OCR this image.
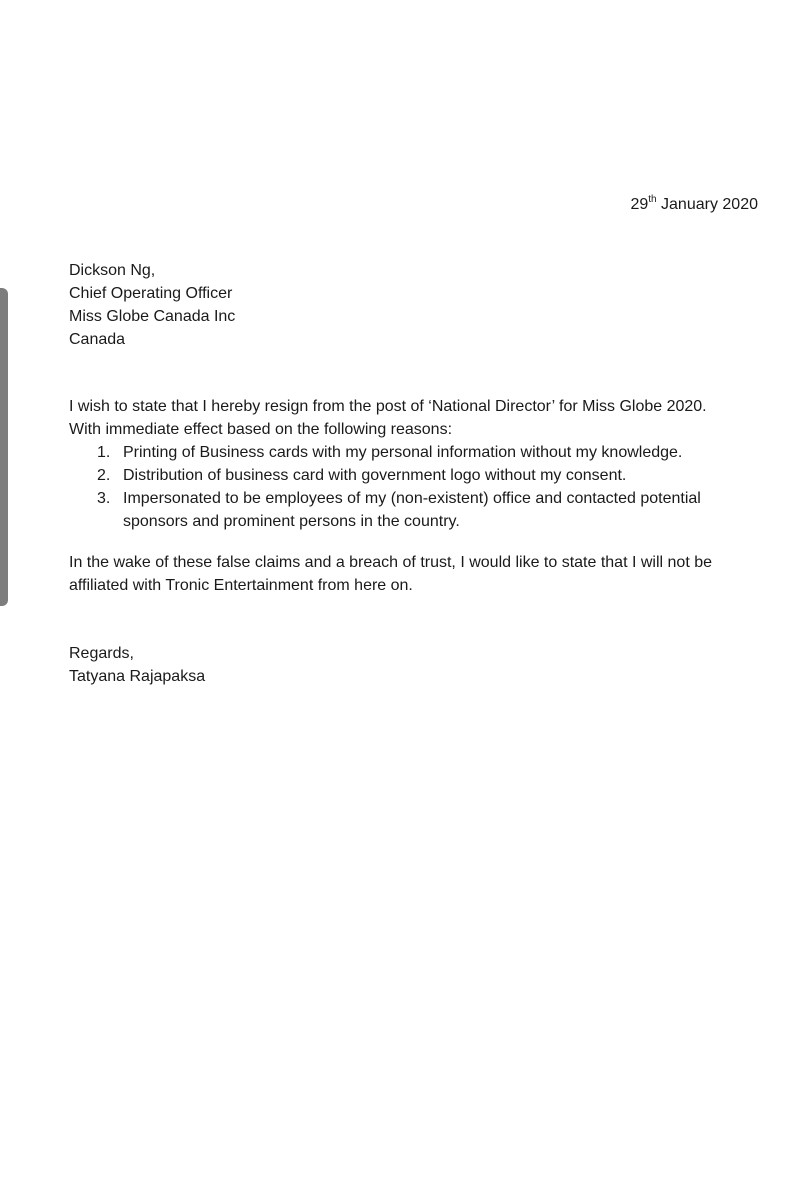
29th January 2020
Dickson Ng,
Chief Operating Officer
Miss Globe Canada Inc
Canada
I wish to state that I hereby resign from the post of ‘National Director’ for Miss Globe 2020.
With immediate effect based on the following reasons:
1. Printing of Business cards with my personal information without my knowledge.
2. Distribution of business card with government logo without my consent.
3. Impersonated to be employees of my (non-existent) office and contacted potential
sponsors and prominent persons in the country.
In the wake of these false claims and a breach of trust, I would like to state that I will not be
affiliated with Tronic Entertainment from here on.
Regards,
Tatyana Rajapaksa
